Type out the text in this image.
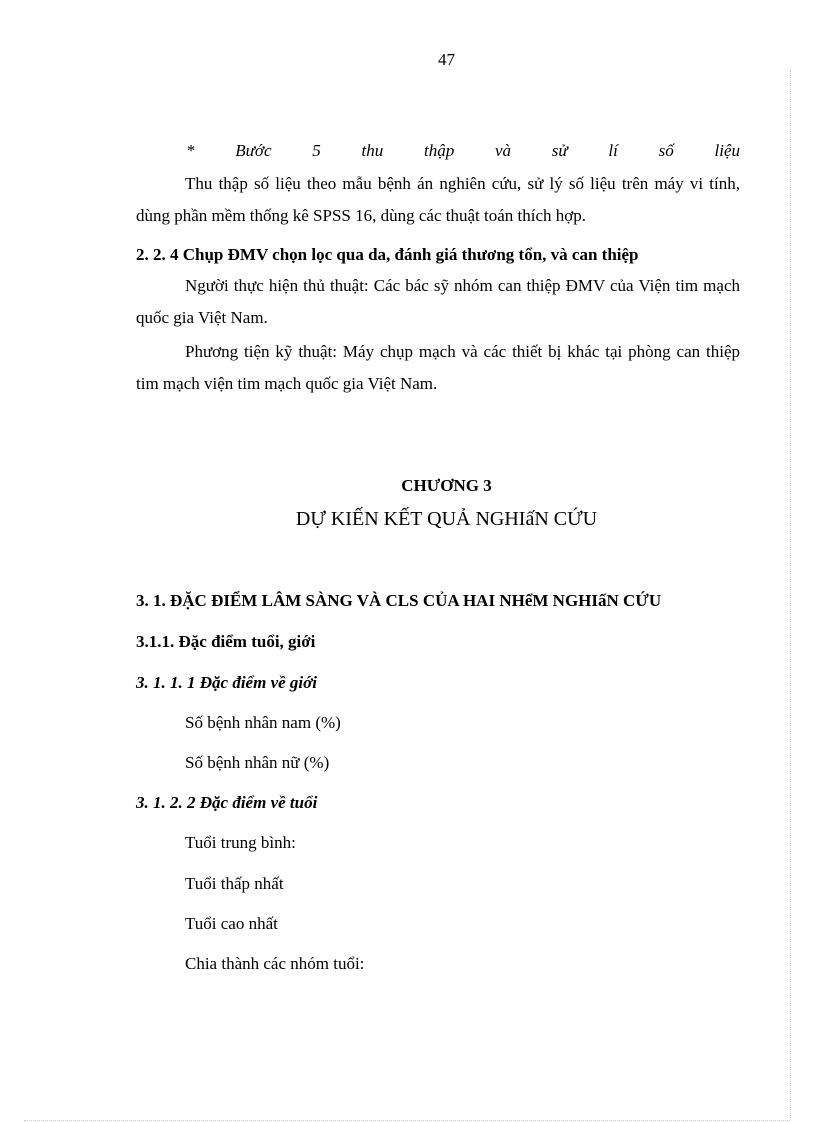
47
* Bước 5 thu thập và sử lí số liệu
Thu thập số liệu theo mẫu bệnh án nghiên cứu, sử lý số liệu trên máy vi tính, dùng phần mềm thống kê SPSS 16, dùng các thuật toán thích hợp.
2. 2. 4 Chụp ĐMV chọn lọc qua da, đánh giá thương tổn, và can thiệp
Người thực hiện thủ thuật: Các bác sỹ nhóm can thiệp ĐMV của Viện tim mạch quốc gia Việt Nam.
Phương tiện kỹ thuật: Máy chụp mạch và các thiết bị khác tại phòng can thiệp tim mạch viện tim mạch quốc gia Việt Nam.
CHƯƠNG 3
DỰ KIẾN KẾT QUẢ NGHIấN CỨU
3. 1. ĐẶC ĐIỂM LÂM SÀNG VÀ CLS CỦA HAI NHểM NGHIấN CỨU
3.1.1. Đặc điểm tuổi, giới
3. 1. 1. 1 Đặc điểm về giới
Số bệnh nhân nam (%)
Số bệnh nhân nữ (%)
3. 1. 2. 2 Đặc điểm về tuổi
Tuổi trung bình:
Tuổi thấp nhất
Tuổi cao nhất
Chia thành các nhóm tuổi:
